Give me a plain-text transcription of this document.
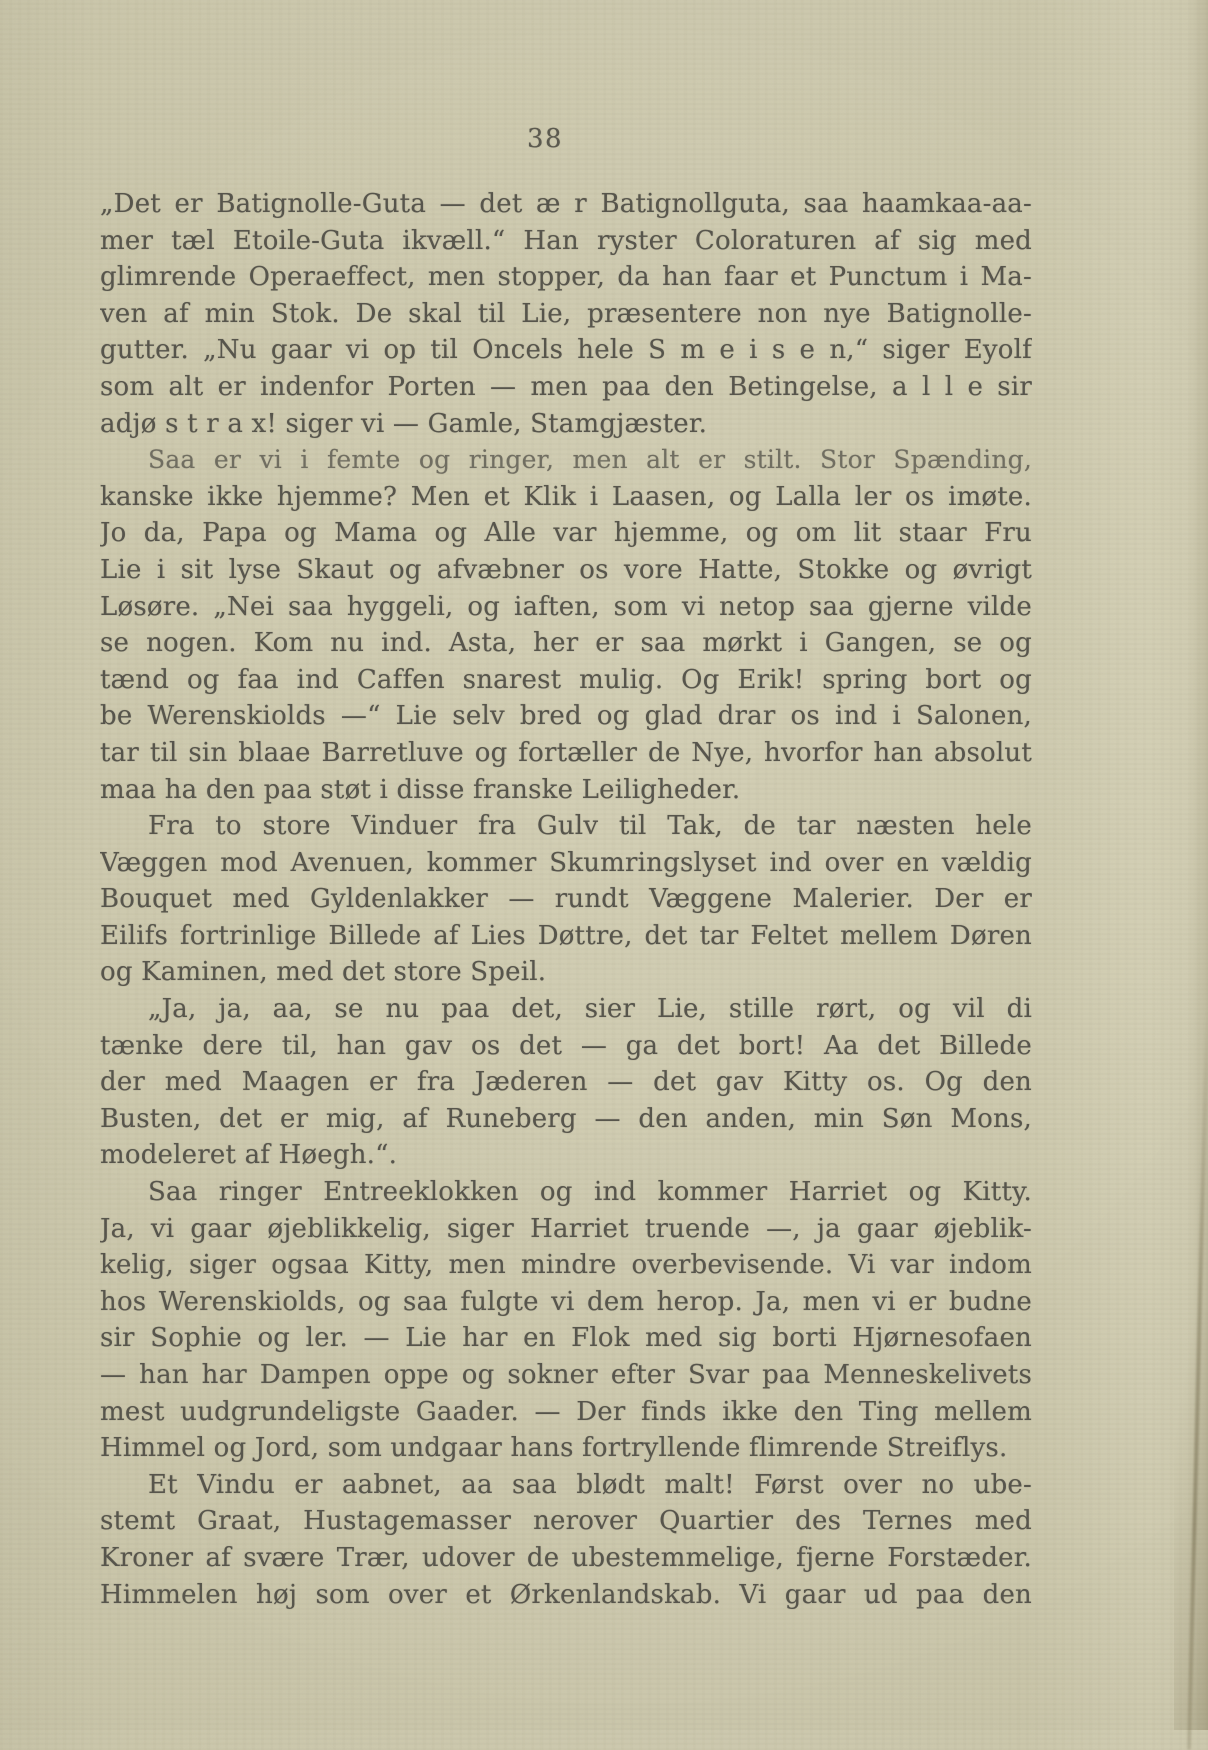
38
„Det er Batignolle-Guta — det æ r Batignollguta, saa haamkaa-aa-
mer tæl Etoile-Guta ikvæll.“ Han ryster Coloraturen af sig med
glimrende Operaeffect, men stopper, da han faar et Punctum i Ma-
ven af min Stok. De skal til Lie, præsentere non nye Batignolle-
gutter. „Nu gaar vi op til Oncels hele S m e i s e n,“ siger Eyolf
som alt er indenfor Porten — men paa den Betingelse, a l l e sir
adjø s t r a x! siger vi — Gamle, Stamgjæster.
Saa er vi i femte og ringer, men alt er stilt. Stor Spænding,
kanske ikke hjemme? Men et Klik i Laasen, og Lalla ler os imøte.
Jo da, Papa og Mama og Alle var hjemme, og om lit staar Fru
Lie i sit lyse Skaut og afvæbner os vore Hatte, Stokke og øvrigt
Løsøre. „Nei saa hyggeli, og iaften, som vi netop saa gjerne vilde
se nogen. Kom nu ind. Asta, her er saa mørkt i Gangen, se og
tænd og faa ind Caffen snarest mulig. Og Erik! spring bort og
be Werenskiolds —“ Lie selv bred og glad drar os ind i Salonen,
tar til sin blaae Barretluve og fortæller de Nye, hvorfor han absolut
maa ha den paa støt i disse franske Leiligheder.
Fra to store Vinduer fra Gulv til Tak, de tar næsten hele
Væggen mod Avenuen, kommer Skumringslyset ind over en vældig
Bouquet med Gyldenlakker — rundt Væggene Malerier. Der er
Eilifs fortrinlige Billede af Lies Døttre, det tar Feltet mellem Døren
og Kaminen, med det store Speil.
„Ja, ja, aa, se nu paa det, sier Lie, stille rørt, og vil di
tænke dere til, han gav os det — ga det bort! Aa det Billede
der med Maagen er fra Jæderen — det gav Kitty os. Og den
Busten, det er mig, af Runeberg — den anden, min Søn Mons,
modeleret af Høegh.“.
Saa ringer Entreeklokken og ind kommer Harriet og Kitty.
Ja, vi gaar øjeblikkelig, siger Harriet truende —, ja gaar øjeblik-
kelig, siger ogsaa Kitty, men mindre overbevisende. Vi var indom
hos Werenskiolds, og saa fulgte vi dem herop. Ja, men vi er budne
sir Sophie og ler. — Lie har en Flok med sig borti Hjørnesofaen
— han har Dampen oppe og sokner efter Svar paa Menneskelivets
mest uudgrundeligste Gaader. — Der finds ikke den Ting mellem
Himmel og Jord, som undgaar hans fortryllende flimrende Streiflys.
Et Vindu er aabnet, aa saa blødt malt! Først over no ube-
stemt Graat, Hustagemasser nerover Quartier des Ternes med
Kroner af svære Trær, udover de ubestemmelige, fjerne Forstæder.
Himmelen høj som over et Ørkenlandskab. Vi gaar ud paa den
